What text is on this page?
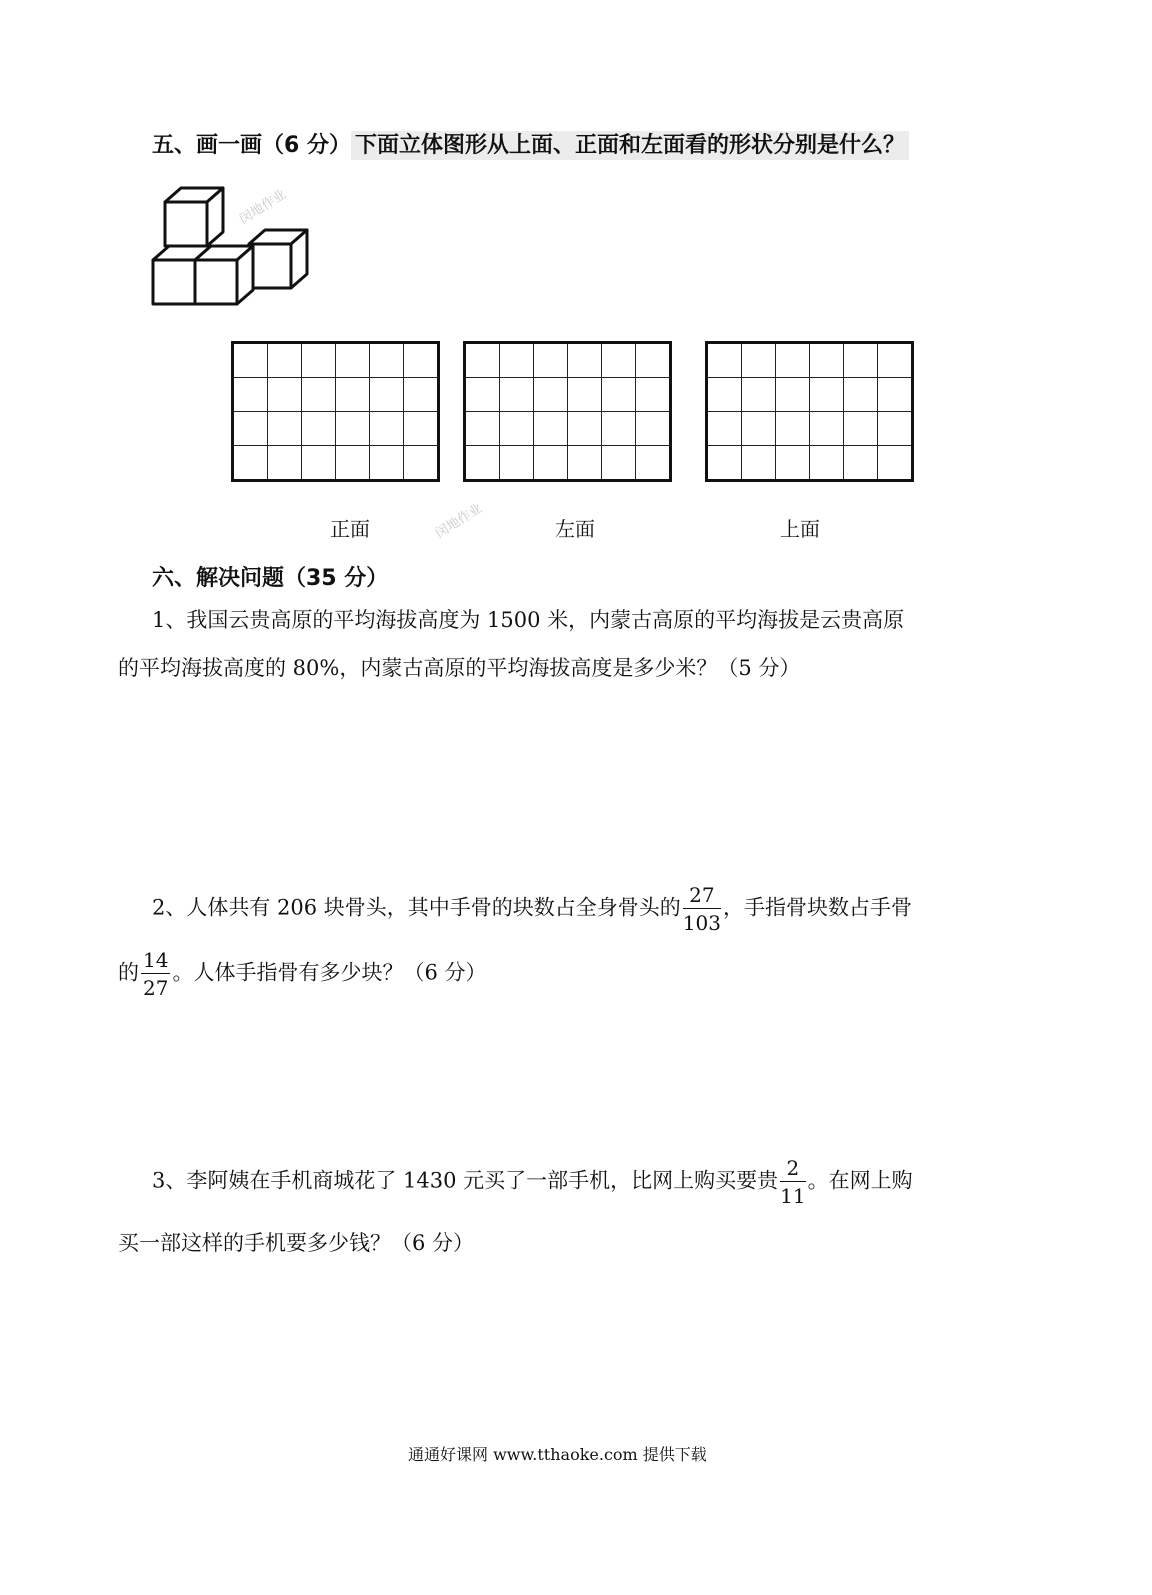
五、画一画（6 分） 下面立体图形从上面、正面和左面看的形状分别是什么？
闵地作业

正面	左面	上面
闵地作业
六、解决问题（35 分）
1、我国云贵高原的平均海拔高度为 1500 米，内蒙古高原的平均海拔是云贵高原
的平均海拔高度的 80%，内蒙古高原的平均海拔高度是多少米？（5 分）
2、人体共有 206 块骨头，其中手骨的块数占全身骨头的 $\frac{27}{103}$ ，手指骨块数占手骨
的 $\frac{14}{27}$ 。人体手指骨有多少块？（6 分）
3、李阿姨在手机商城花了 1430 元买了一部手机，比网上购买要贵 $\frac{2}{11}$ 。在网上购
买一部这样的手机要多少钱？（6 分）
通通好课网 www.tthaoke.com 提供下载
